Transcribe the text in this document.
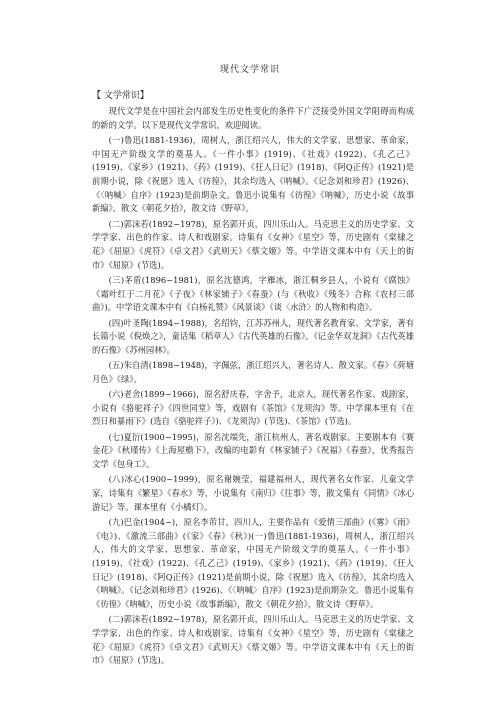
现代文学常识
【 文学常识】

现代文学是在中国社会内部发生历史性变化的条件下广泛接受外国文学阻碍而构成的新的文学。以下是现代文学常识，欢迎阅读。

(一)鲁迅(1881-1936)，周树人，浙江绍兴人，伟大的文学家、思想家、革命家，中国无产阶级文学的奠基人。《一件小事》(1919)、《社戏》(1922)、《孔乙己》(1919)、《家乡》(1921)、《药》(1919)、《狂人日记》(1918)、《阿Q正传》(1921)是前期小说，除《祝愿》选入《彷徨》，其余均选入《呐喊》。《记念刘和珍君》(1926)、《〈呐喊〉自序》(1923)是前期杂文。鲁迅小说集有《彷徨》《呐喊》，历史小说《故事新编》，散文《朝花夕拾》，散文诗《野草》。

(二)郭沫若(1892~1978)，原名郭开贞，四川乐山人。马克思主义的历史学家、文学学家、出色的作家、诗人和戏剧家。诗集有《女神》《星空》等，历史剧有《棠棣之花》《屈原》《虎符》《卓文君》《武则天》《蔡文姬》等。中学语文课本中有《天上的街市》《屈原》(节选)。

(三)茅盾(1896~1981)，原名沈德鸿，字雁冰，浙江桐乡县人，小说有《腐蚀》《霜叶红于二月花》《子夜》《林家铺子》《春蚕》(与《秋收》《残冬》合称《农村三部曲》)。中学语文课本中有《白杨礼赞》《风景谈》《谈〈水浒〉的人物和构造》。

(四)叶圣陶(1894~1988)，名绍钧，江苏苏州人，现代著名教育家、文学家，著有长篇小说《倪焕之》，童话集《稻草人》《古代英雄的石像》。《记金华双龙洞》《古代英雄的石像》《苏州园林》。

(五)朱自清(1898~1948)，字佩弦，浙江绍兴人，著名诗人、散文家。《春》《荷塘月色》《绿》。

(六)老舍(1899~1966)，原名舒庆春，字舍予，北京人，现代著名作家、戏剧家，小说有《骆驼祥子》《四世同堂》等，戏剧有《茶馆》《龙须沟》等。中学课本里有《在烈日和暴雨下》(选自《骆驼祥子》)、《龙须沟》(节选)、《茶馆》(节选)。

(七)夏衍(1900~1995)，原名沈端先，浙江杭州人，著名戏剧家。主要剧本有《赛金花》《秋瑾传》《上海屋檐下》，改编的电影有《林家铺子》《祝福》《春蚕》，优秀报告文学《包身工》。

(八)冰心(1900~1999)，原名谢婉莹，福建福州人，现代著名女作家、儿童文学家，诗集有《繁星》《春水》等，小说集有《南归》《往事》等，散文集有《同情》《冰心游记》等。课本里有《小橘灯》。

(九)巴金(1904~)，原名李芾甘，四川人，主要作品有《爱情三部曲》(《雾》《雨》《电》)、《激流三部曲》(《家》《春》《秋》)(一)鲁迅(1881-1936)，周树人，浙江绍兴人，伟大的文学家、思想家、革命家，中国无产阶级文学的奠基人。《一件小事》(1919)、《社戏》(1922)、《孔乙己》(1919)、《家乡》(1921)、《药》(1919)、《狂人日记》(1918)、《阿Q正传》(1921)是前期小说，除《祝愿》选入《彷徨》，其余均选入《呐喊》。《记念刘和珍君》(1926)、《〈呐喊〉自序》(1923)是前期杂文。鲁迅小说集有《彷徨》《呐喊》，历史小说《故事新编》，散文《朝花夕拾》，散文诗《野草》。

(二)郭沫若(1892~1978)，原名郭开贞，四川乐山人。马克思主义的历史学家、文学学家、出色的作家、诗人和戏剧家。诗集有《女神》《星空》等，历史剧有《棠棣之花》《屈原》《虎符》《卓文君》《武则天》《蔡文姬》等。中学语文课本中有《天上的街市》《屈原》(节选)。
